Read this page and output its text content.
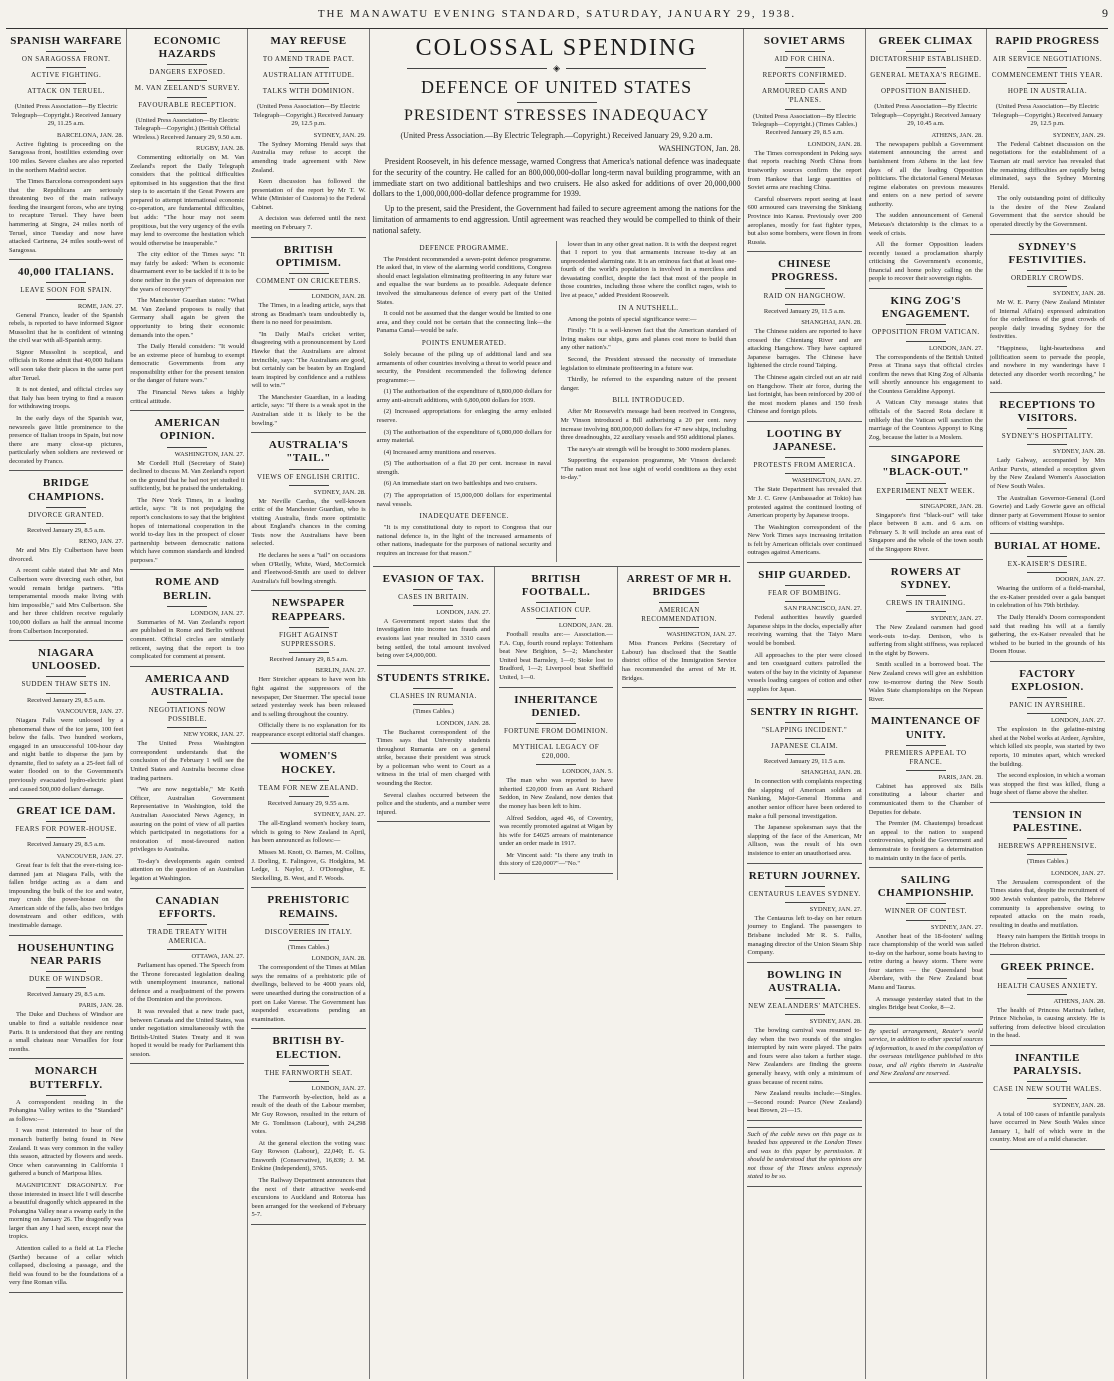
THE MANAWATU EVENING STANDARD, SATURDAY, JANUARY 29, 1938.	9
SPANISH WARFARE
ON SARAGOSSA FRONT.
ACTIVE FIGHTING.
ATTACK ON TERUEL.
(United Press Association—By Electric Telegraph—Copyright.) Received January 29, 11.25 a.m.
BARCELONA, JAN. 28.

Active fighting is proceeding on the Saragossa front, hostilities extending over 100 miles. Severe clashes are also reported in the northern Madrid sector.

The Times Barcelona correspondent says that the Republicans are seriously threatening two of the main railways feeding the insurgent forces, who are trying to recapture Teruel. They have been hammering at Singra, 24 miles north of Teruel, since Tuesday and now have attacked Carinena, 24 miles south-west of Saragossa.

40,000 ITALIANS.
LEAVE SOON FOR SPAIN.
ROME, JAN. 27.

General Franco, leader of the Spanish rebels, is reported to have informed Signor Mussolini that he is confident of winning the civil war with all-Spanish army.

Signor Mussolini is sceptical, and officials in Rome admit that 40,000 Italians will soon take their places in the same port after Teruel.

It is not denied, and official circles say that Italy has been trying to find a reason for withdrawing troops.

In the early days of the Spanish war, newsreels gave little prominence to the presence of Italian troops in Spain, but now there are many close-up pictures, particularly when soldiers are reviewed or decorated by Franco.

BRIDGE CHAMPIONS.
DIVORCE GRANTED.
Received January 29, 8.5 a.m.
RENO, JAN. 27.

Mr and Mrs Ely Culbertson have been divorced.

A recent cable stated that Mr and Mrs Culbertson were divorcing each other, but would remain bridge partners. "His temperamental moods make living with him impossible," said Mrs Culbertson. She and her three children receive regularly 100,000 dollars as half the annual income from Culbertson Incorporated.

NIAGARA UNLOOSED.
SUDDEN THAW SETS IN.
Received January 29, 8.5 a.m.
VANCOUVER, JAN. 27.

Niagara Falls were unloosed by a phenomenal thaw of the ice jams, 100 feet below the falls. Two hundred workers, engaged in an unsuccessful 100-hour day and night battle to disperse the jam by dynamite, fled to safety as a 25-feet fall of water flooded on to the Government's previously evacuated hydro-electric plant and caused 500,000 dollars' damage.

GREAT ICE DAM.
FEARS FOR POWER-HOUSE.
Received January 29, 8.5 a.m.
VANCOUVER, JAN. 27.

Great fear is felt that the ever-rising ice-damned jam at Niagara Falls, with the fallen bridge acting as a dam and impounding the bulk of the ice and water, may crush the power-house on the American side of the falls, also two bridges downstream and other edifices, with inestimable damage.

HOUSEHUNTING NEAR PARIS
DUKE OF WINDSOR.
Received January 29, 8.5 a.m.
PARIS, JAN. 28.

The Duke and Duchess of Windsor are unable to find a suitable residence near Paris. It is understood that they are renting a small chateau near Versailles for four months.

MONARCH BUTTERFLY.

A correspondent residing in the Pohangina Valley writes to the "Standard" as follows:—

I was most interested to hear of the monarch butterfly being found in New Zealand. It was very common in the valley this season, attracted by flowers and seeds. Once when caravanning in California I gathered a bunch of Mariposa lilies.

MAGNIFICENT DRAGONFLY. For those interested in insect life I will describe a beautiful dragonfly which appeared in the Pohangina Valley near a swamp early in the morning on January 26. The dragonfly was larger than any I had seen, except near the tropics.

Attention called to a field at La Fleche (Sarthe) because of a cellar which collapsed, disclosing a passage, and the field was found to be the foundations of a very fine Roman villa.

ECONOMIC HAZARDS
DANGERS EXPOSED.
M. VAN ZEELAND'S SURVEY.
FAVOURABLE RECEPTION.
(United Press Association—By Electric Telegraph—Copyright.) (British Official Wireless.) Received January 29, 9.50 a.m.
RUGBY, JAN. 28.

Commenting editorially on M. Van Zeeland's report the Daily Telegraph considers that the political difficulties epitomised in his suggestion that the first step is to ascertain if the Great Powers are prepared to attempt international economic co-operation, are fundamental difficulties, but adds: "The hour may not seem propitious, but the very urgency of the evils may lend to overcome the hesitation which would otherwise be insuperable."

The city editor of the Times says: "It may fairly be asked: 'When is economic disarmament ever to be tackled if it is to be done neither in the years of depression nor the years of recovery?'"

The Manchester Guardian states: "What M. Van Zeeland proposes is really that Germany shall again be given the opportunity to bring their economic demands into the open."

The Daily Herald considers: "It would be an extreme piece of humbug to exempt democratic Governments from any responsibility either for the present tension or the danger of future wars."

The Financial News takes a highly critical attitude.

AMERICAN OPINION.
WASHINGTON, JAN. 27.

Mr Cordell Hull (Secretary of State) declined to discuss M. Van Zeeland's report on the ground that he had not yet studied it sufficiently, but he praised the undertaking.

The New York Times, in a leading article, says: "It is not prejudging the report's conclusions to say that the brightest hopes of international cooperation in the world to-day lies in the prospect of closer partnership between democratic nations which have common standards and kindred purposes."

ROME AND BERLIN.
LONDON, JAN. 27.

Summaries of M. Van Zeeland's report are published in Rome and Berlin without comment. Official circles are similarly reticent, saying that the report is too complicated for comment at present.

AMERICA AND AUSTRALIA.
NEGOTIATIONS NOW POSSIBLE.
NEW YORK, JAN. 27.

The United Press Washington correspondent understands that the conclusion of the February 1 will see the United States and Australia become close trading partners.

"We are now negotiable," Mr Keith Officer, Australian Government Representative in Washington, told the Australian Associated News Agency, in assuring on the point of view of all parties which participated in negotiations for a restoration of most-favoured nation privileges to Australia.

To-day's developments again centred attention on the question of an Australian legation at Washington.

CANADIAN EFFORTS.
TRADE TREATY WITH AMERICA.
OTTAWA, JAN. 27.

Parliament has opened. The Speech from the Throne forecasted legislation dealing with unemployment insurance, national defence and a readjustment of the powers of the Dominion and the provinces.

It was revealed that a new trade pact, between Canada and the United States, was under negotiation simultaneously with the British-United States Treaty and it was hoped it would be ready for Parliament this session.

MAY REFUSE
TO AMEND TRADE PACT.
AUSTRALIAN ATTITUDE.
TALKS WITH DOMINION.
(United Press Association—By Electric Telegraph—Copyright.) Received January 29, 12.5 p.m.
SYDNEY, JAN. 29.

The Sydney Morning Herald says that Australia may refuse to accept the amending trade agreement with New Zealand.

Keen discussion has followed the presentation of the report by Mr T. W. White (Minister of Customs) to the Federal Cabinet.

A decision was deferred until the next meeting on February 7.

BRITISH OPTIMISM.
COMMENT ON CRICKETERS.
LONDON, JAN. 28.

The Times, in a leading article, says that strong as Bradman's team undoubtedly is, there is no need for pessimism.

"In Daily Mail's cricket writer, disagreeing with a pronouncement by Lord Hawke that the Australians are almost invincible, says: 'The Australians are good, but certainly can be beaten by an England team inspired by confidence and a ruthless will to win.'"

The Manchester Guardian, in a leading article, says: "If there is a weak spot in the Australian side it is likely to be the bowling."

AUSTRALIA'S "TAIL."
VIEWS OF ENGLISH CRITIC.
SYDNEY, JAN. 28.

Mr Neville Cardus, the well-known critic of the Manchester Guardian, who is visiting Australia, finds more optimistic about England's chances in the coming Tests now the Australians have been selected.

He declares he sees a "tail" on occasions when O'Reilly, White, Ward, McCormick and Fleetwood-Smith are used to deliver Australia's full bowling strength.

NEWSPAPER REAPPEARS.
FIGHT AGAINST SUPPRESSORS.
Received January 29, 8.5 a.m.
BERLIN, JAN. 27.

Herr Streicher appears to have won his fight against the suppressors of the newspaper, Der Stuermer. The special issue seized yesterday week has been released and is selling throughout the country.

Officially there is no explanation for its reappearance except editorial staff changes.

WOMEN'S HOCKEY.
TEAM FOR NEW ZEALAND.
Received January 29, 9.55 a.m.
SYDNEY, JAN. 27.

The all-England women's hockey team, which is going to New Zealand in April, has been announced as follows:—

Misses M. Knott, O. Barnes, M. Collins, J. Dorling, E. Falingove, G. Hodgkins, M. Ledge, I. Naylor, J. O'Donoghue, E. Sieckelling, B. West, and F. Woods.

PREHISTORIC REMAINS.
DISCOVERIES IN ITALY.
(Times Cables.)
LONDON, JAN. 28.

The correspondent of the Times at Milan says the remains of a prehistoric pile of dwellings, believed to be 4000 years old, were unearthed during the construction of a port on Lake Varese. The Government has suspended excavations pending an examination.

BRITISH BY-ELECTION.
THE FARNWORTH SEAT.
LONDON, JAN. 27.

The Farnworth by-election, held as a result of the death of the Labour member, Mr Guy Rowson, resulted in the return of Mr G. Tomlinson (Labour), with 24,298 votes.

At the general election the voting was: Guy Rowson (Labour), 22,040; E. G. Ensworth (Conservative), 16,839; J. M. Erskine (Independent), 3765.

The Railway Department announces that the next of their attractive week-end excursions to Auckland and Rotorua has been arranged for the weekend of February 5-7.

COLOSSAL SPENDING
◈
DEFENCE OF UNITED STATES
PRESIDENT STRESSES INADEQUACY
(United Press Association.—By Electric Telegraph.—Copyright.) Received January 29, 9.20 a.m.
WASHINGTON, Jan. 28.

President Roosevelt, in his defence message, warned Congress that America's national defence was inadequate for the security of the country. He called for an 800,000,000-dollar long-term naval building programme, with an immediate start on two additional battleships and two cruisers. He also asked for additions of over 20,000,000 dollars to the 1,000,000,000-dollar defence programme for 1939.

Up to the present, said the President, the Government had failed to secure agreement among the nations for the limitation of armaments to end aggression. Until agreement was reached they would be compelled to think of their national safety.

DEFENCE PROGRAMME.

The President recommended a seven-point defence programme. He asked that, in view of the alarming world conditions, Congress should enact legislation eliminating profiteering in any future war and equalise the war burdens as to possible. Adequate defence involved the simultaneous defence of every part of the United States.

It could not be assumed that the danger would be limited to one area, and they could not be certain that the connecting link—the Panama Canal—would be safe.

POINTS ENUMERATED.

Solely because of the piling up of additional land and sea armaments of other countries involving a threat to world peace and security, the President recommended the following defence programme:—

(1) The authorisation of the expenditure of 8,800,000 dollars for army anti-aircraft additions, with 6,800,000 dollars for 1939.

(2) Increased appropriations for enlarging the army enlisted reserve.

(3) The authorisation of the expenditure of 6,080,000 dollars for army material.

(4) Increased army munitions and reserves.

(5) The authorisation of a flat 20 per cent. increase in naval strength.

(6) An immediate start on two battleships and two cruisers.

(7) The appropriation of 15,000,000 dollars for experimental naval vessels.

INADEQUATE DEFENCE.

"It is my constitutional duty to report to Congress that our national defence is, in the light of the increased armaments of other nations, inadequate for the purposes of national security and requires an increase for that reason."

lower than in any other great nation. It is with the deepest regret that I report to you that armaments increase to-day at an unprecedented alarming rate. It is an ominous fact that at least one-fourth of the world's population is involved in a merciless and devastating conflict, despite the fact that most of the people in those countries, including those where the conflict rages, wish to live at peace," added President Roosevelt.

IN A NUTSHELL.

Among the points of special significance were:—

Firstly: "It is a well-known fact that the American standard of living makes our ships, guns and planes cost more to build than any other nation's."

Second, the President stressed the necessity of immediate legislation to eliminate profiteering in a future war.

Thirdly, he referred to the expanding nature of the present danger.

BILL INTRODUCED.

After Mr Roosevelt's message had been received in Congress, Mr Vinson introduced a Bill authorising a 20 per cent. navy increase involving 800,000,000 dollars for 47 new ships, including three dreadnoughts, 22 auxiliary vessels and 950 additional planes.

The navy's air strength will be brought to 3000 modern planes.

Supporting the expansion programme, Mr Vinson declared: "The nation must not lose sight of world conditions as they exist to-day."

EVASION OF TAX.
CASES IN BRITAIN.
LONDON, JAN. 27.

A Government report states that the investigation into income tax frauds and evasions last year resulted in 3310 cases being settled, the total amount involved being over £4,000,000.

STUDENTS STRIKE.
CLASHES IN RUMANIA.
(Times Cables.)
LONDON, JAN. 28.

The Bucharest correspondent of the Times says that University students throughout Rumania are on a general strike, because their president was struck by a policeman who went to Court as a witness in the trial of men charged with wounding the Rector.

Several clashes occurred between the police and the students, and a number were injured.

BRITISH FOOTBALL.
ASSOCIATION CUP.
LONDON, JAN. 28.

Football results are:— Association.—F.A. Cup, fourth round replays: Tottenham beat New Brighton, 5—2; Manchester United beat Barnsley, 1—0; Stoke lost to Bradford, 1—2; Liverpool beat Sheffield United, 1—0.

INHERITANCE DENIED.
FORTUNE FROM DOMINION.
MYTHICAL LEGACY OF £20,000.
LONDON, JAN. 5.

The man who was reported to have inherited £20,000 from an Aunt Richard Seddon, in New Zealand, now denies that the money has been left to him.

Alfred Seddon, aged 46, of Coventry, was recently promoted against at Wigan by his wife for £4025 arrears of maintenance under an order made in 1917.

Mr Vincent said: "Is there any truth in this story of £20,000?"—"No."

ARREST OF MR H. BRIDGES
AMERICAN RECOMMENDATION.
WASHINGTON, JAN. 27.

Miss Frances Perkins (Secretary of Labour) has disclosed that the Seattle district office of the Immigration Service has recommended the arrest of Mr H. Bridges.

SOVIET ARMS
AID FOR CHINA.
REPORTS CONFIRMED.
ARMOURED CARS AND 'PLANES.
(United Press Association—By Electric Telegraph—Copyright.) (Times Cables.) Received January 29, 8.5 a.m.
LONDON, JAN. 28.

The Times correspondent in Peking says that reports reaching North China from trustworthy sources confirm the report from Hankow that large quantities of Soviet arms are reaching China.

Careful observers report seeing at least 600 armoured cars traversing the Sinkiang Province into Kansu. Previously over 200 aeroplanes, mostly for fast fighter types, but also some bombers, were flown in from Russia.

CHINESE PROGRESS.
RAID ON HANGCHOW.
Received January 29, 11.5 a.m.
SHANGHAI, JAN. 28.

The Chinese raiders are reported to have crossed the Chientang River and are attacking Hangchow. They have captured Japanese barrages. The Chinese have lightened the circle round Taiping.

The Chinese again circled out an air raid on Hangchow. Their air force, during the last fortnight, has been reinforced by 200 of the most modern planes and 150 fresh Chinese and foreign pilots.

LOOTING BY JAPANESE.
PROTESTS FROM AMERICA.
WASHINGTON, JAN. 27.

The State Department has revealed that Mr J. C. Grew (Ambassador at Tokio) has protested against the continued looting of American property by Japanese troops.

The Washington correspondent of the New York Times says increasing irritation is felt by American officials over continued outrages against Americans.

SHIP GUARDED.
FEAR OF BOMBING.
SAN FRANCISCO, JAN. 27.

Federal authorities heavily guarded Japanese ships in the docks, especially after receiving warning that the Taiyo Maru would be bombed.

All approaches to the pier were closed and ten coastguard cutters patrolled the waters of the bay in the vicinity of Japanese vessels loading cargoes of cotton and other supplies for Japan.

SENTRY IN RIGHT.
"SLAPPING INCIDENT."
JAPANESE CLAIM.
Received January 29, 11.5 a.m.
SHANGHAI, JAN. 28.

In connection with complaints respecting the slapping of American soldiers at Nanking, Major-General Homma and another senior officer have been ordered to make a full personal investigation.

The Japanese spokesman says that the slapping of the face of the American, Mr Allison, was the result of his own insistence to enter an unauthorised area.

RETURN JOURNEY.
CENTAURUS LEAVES SYDNEY.
SYDNEY, JAN. 27.

The Centaurus left to-day on her return journey to England. The passengers to Brisbane included Mr R. S. Fallis, managing director of the Union Steam Ship Company.

BOWLING IN AUSTRALIA.
NEW ZEALANDERS' MATCHES.
SYDNEY, JAN. 28.

The bowling carnival was resumed to-day when the two rounds of the singles interrupted by rain were played. The pairs and fours were also taken a further stage. New Zealanders are finding the greens generally heavy, with only a minimum of grass because of recent rains.

New Zealand results include:—Singles.—Second round: Pearce (New Zealand) beat Brown, 21—15.

Such of the cable news on this page as is headed has appeared in the London Times and was to this paper by permission. It should be understood that the opinions are not those of the Times unless expressly stated to be so.
GREEK CLIMAX
DICTATORSHIP ESTABLISHED.
GENERAL METAXA'S REGIME.
OPPOSITION BANISHED.
(United Press Association—By Electric Telegraph—Copyright.) Received January 29, 10.45 a.m.
ATHENS, JAN. 28.

The newspapers publish a Government statement announcing the arrest and banishment from Athens in the last few days of all the leading Opposition politicians. The dictatorial General Metaxas regime elaborates on previous measures and enters on a new period of severe authority.

The sudden announcement of General Metaxas's dictatorship is the climax to a week of crisis.

All the former Opposition leaders recently issued a proclamation sharply criticising the Government's economic, financial and home policy calling on the people to recover their sovereign rights.

KING ZOG'S ENGAGEMENT.
OPPOSITION FROM VATICAN.
LONDON, JAN. 27.

The correspondents of the British United Press at Tirana says that official circles confirm the news that King Zog of Albania will shortly announce his engagement to the Countess Geraldine Apponyi.

A Vatican City message states that officials of the Sacred Rota declare it unlikely that the Vatican will sanction the marriage of the Countess Apponyi to King Zog, because the latter is a Moslem.

SINGAPORE "BLACK-OUT."
EXPERIMENT NEXT WEEK.
SINGAPORE, JAN. 28.

Singapore's first "black-out" will take place between 8 a.m. and 6 a.m. on February 5. It will include an area east of Singapore and the whole of the town south of the Singapore River.

ROWERS AT SYDNEY.
CREWS IN TRAINING.
SYDNEY, JAN. 27.

The New Zealand oarsmen had good work-outs to-day. Denison, who is suffering from slight stiffness, was replaced in the eight by Bowers.

Smith sculled in a borrowed boat. The New Zealand crews will give an exhibition row to-morrow during the New South Wales State championships on the Nepean River.

MAINTENANCE OF UNITY.
PREMIERS APPEAL TO FRANCE.
PARIS, JAN. 28.

Cabinet has approved six Bills constituting a labour charter and communicated them to the Chamber of Deputies for debate.

The Premier (M. Chautemps) broadcast an appeal to the nation to suspend controversies, uphold the Government and demonstrate to foreigners a determination to maintain unity in the face of perils.

SAILING CHAMPIONSHIP.
WINNER OF CONTEST.
SYDNEY, JAN. 27.

Another heat of the 18-footers' sailing race championship of the world was sailed to-day on the harbour, some boats having to retire during a heavy storm. There were four starters — the Queensland boat Aberdare, with the New Zealand boat Manu and Taurus.

A message yesterday stated that in the singles Bridge beat Cooke, 8—2.

By special arrangement, Reuter's world service, in addition to other special sources of information, is used in the compilation of the overseas intelligence published in this issue, and all rights therein in Australia and New Zealand are reserved.
RAPID PROGRESS
AIR SERVICE NEGOTIATIONS.
COMMENCEMENT THIS YEAR.
HOPE IN AUSTRALIA.
(United Press Association—By Electric Telegraph—Copyright.) Received January 29, 12.5 p.m.
SYDNEY, JAN. 29.

The Federal Cabinet discussion on the negotiations for the establishment of a Tasman air mail service has revealed that the remaining difficulties are rapidly being eliminated, says the Sydney Morning Herald.

The only outstanding point of difficulty is the desire of the New Zealand Government that the service should be operated directly by the Government.

SYDNEY'S FESTIVITIES.
ORDERLY CROWDS.
SYDNEY, JAN. 28.

Mr W. E. Parry (New Zealand Minister of Internal Affairs) expressed admiration for the orderliness of the great crowds of people daily invading Sydney for the festivities.

"Happiness, light-heartedness and jollification seem to pervade the people, and nowhere in my wanderings have I detected any disorder worth recording," he said.

RECEPTIONS TO VISITORS.
SYDNEY'S HOSPITALITY.
SYDNEY, JAN. 28.

Lady Galway, accompanied by Mrs Arthur Purvis, attended a reception given by the New Zealand Women's Association of New South Wales.

The Australian Governor-General (Lord Gowrie) and Lady Gowrie gave an official dinner party at Government House to senior officers of visiting warships.

BURIAL AT HOME.
EX-KAISER'S DESIRE.
DOORN, JAN. 27.

Wearing the uniform of a field-marshal, the ex-Kaiser presided over a gala banquet in celebration of his 79th birthday.

The Daily Herald's Doorn correspondent said that reading his will at a family gathering, the ex-Kaiser revealed that he wished to be buried in the grounds of his Doorn House.

FACTORY EXPLOSION.
PANIC IN AYRSHIRE.
LONDON, JAN. 27.

The explosion in the gelatine-mixing shed at the Nobel works at Ardeer, Ayrshire, which killed six people, was started by two reports, 10 minutes apart, which wrecked the building.

The second explosion, in which a woman was stopped the first was killed, flung a huge sheet of flame above the shelter.

TENSION IN PALESTINE.
HEBREWS APPREHENSIVE.
(Times Cables.)
LONDON, JAN. 27.

The Jerusalem correspondent of the Times states that, despite the recruitment of 900 Jewish volunteer patrols, the Hebrew community is apprehensive owing to repeated attacks on the main roads, resulting in deaths and mutilation.

Heavy rain hampers the British troops in the Hebron district.

GREEK PRINCE.
HEALTH CAUSES ANXIETY.
ATHENS, JAN. 28.

The health of Princess Marina's father, Prince Nicholas, is causing anxiety. He is suffering from defective blood circulation in the head.

INFANTILE PARALYSIS.
CASE IN NEW SOUTH WALES.
SYDNEY, JAN. 28.

A total of 100 cases of infantile paralysis have occurred in New South Wales since January 1, half of which were in the country. Most are of a mild character.
